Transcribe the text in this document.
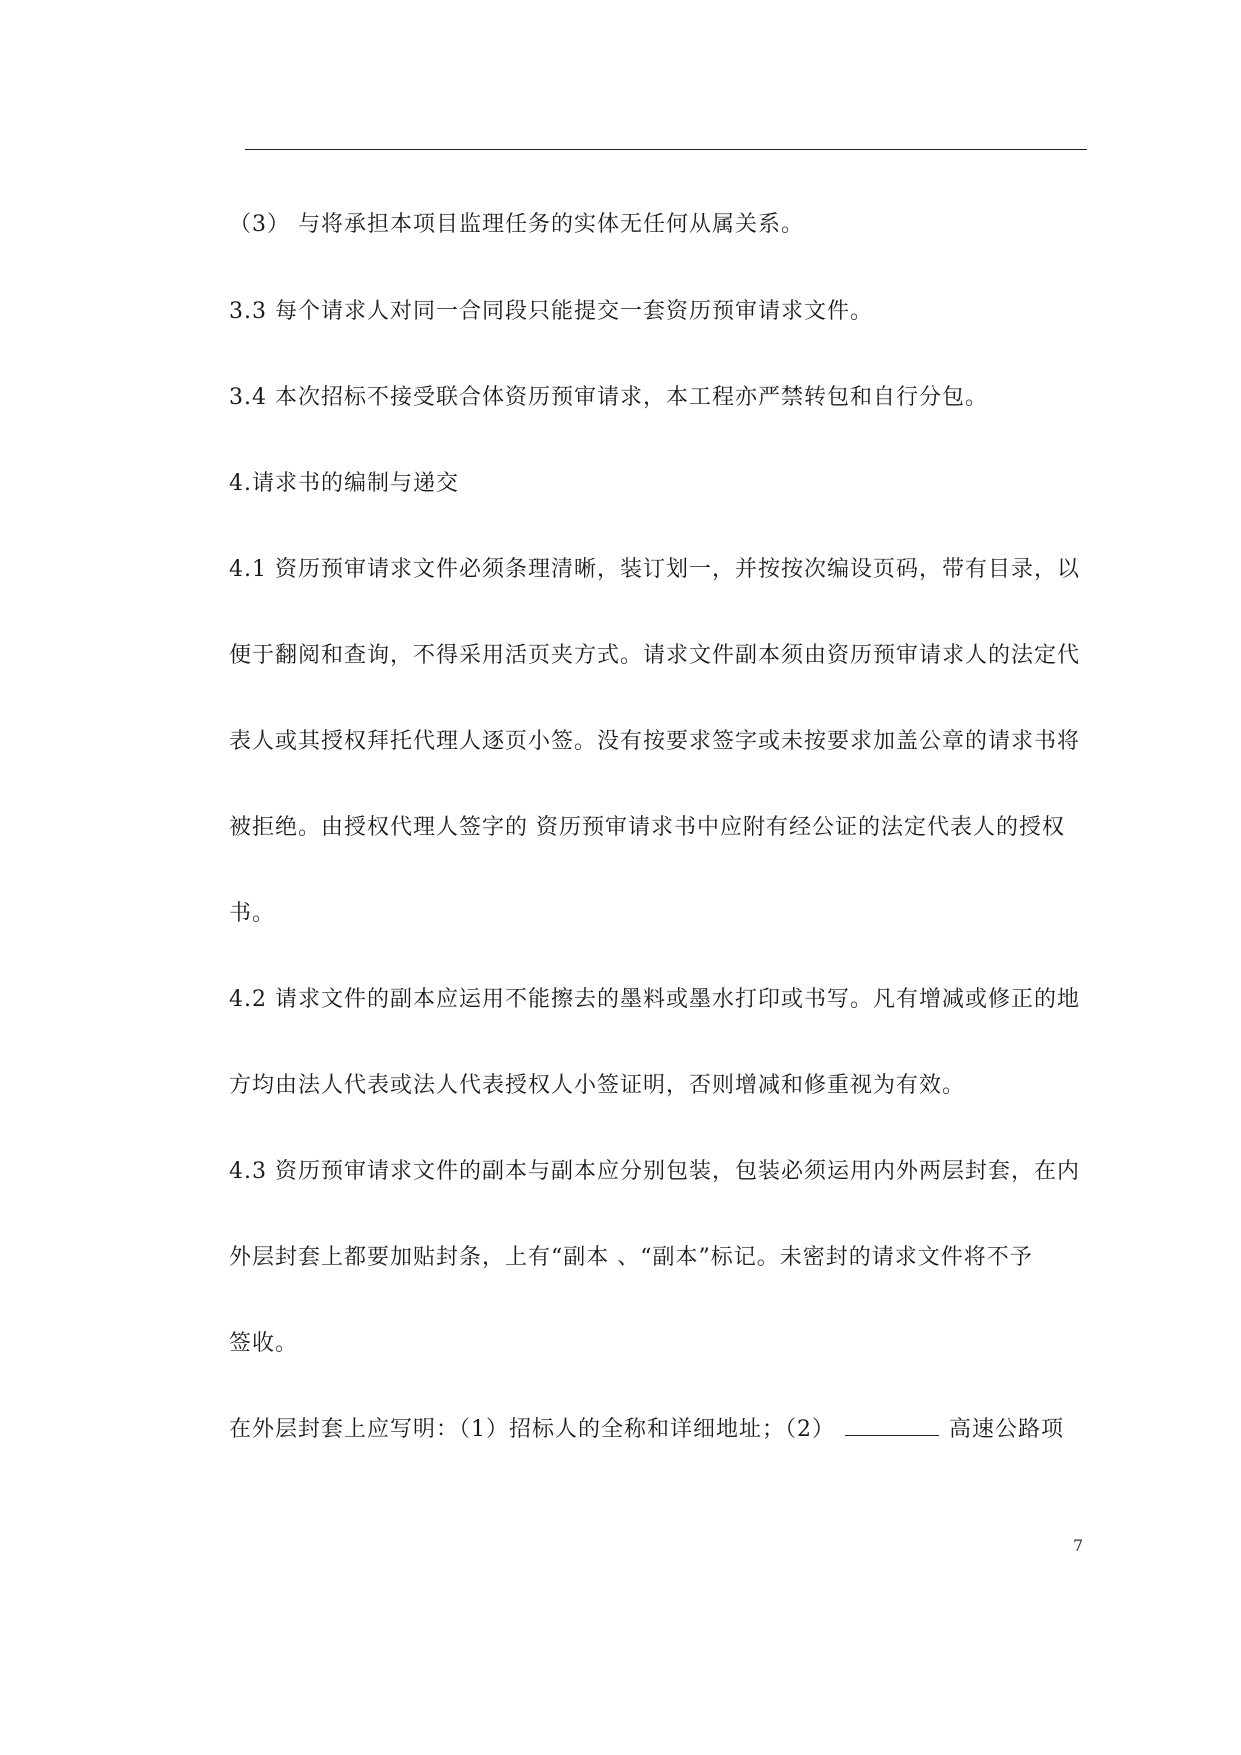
（3） 与将承担本项目监理任务的实体无任何从属关系。
3.3 每个请求人对同一合同段只能提交一套资历预审请求文件。
3.4 本次招标不接受联合体资历预审请求，本工程亦严禁转包和自行分包。
4.请求书的编制与递交
4.1 资历预审请求文件必须条理清晰，装订划一，并按按次编设页码，带有目录，以
便于翻阅和查询，不得采用活页夹方式。请求文件副本须由资历预审请求人的法定代
表人或其授权拜托代理人逐页小签。没有按要求签字或未按要求加盖公章的请求书将
被拒绝。由授权代理人签字的 资历预审请求书中应附有经公证的法定代表人的授权
书。
4.2 请求文件的副本应运用不能擦去的墨料或墨水打印或书写。凡有增减或修正的地
方均由法人代表或法人代表授权人小签证明，否则增减和修重视为有效。
4.3 资历预审请求文件的副本与副本应分别包装，包装必须运用内外两层封套，在内
外层封套上都要加贴封条，上有“副本 、“副本”标记。未密封的请求文件将不予
签收。
在外层封套上应写明：（1）招标人的全称和详细地址；（2）	高速公路项
7
